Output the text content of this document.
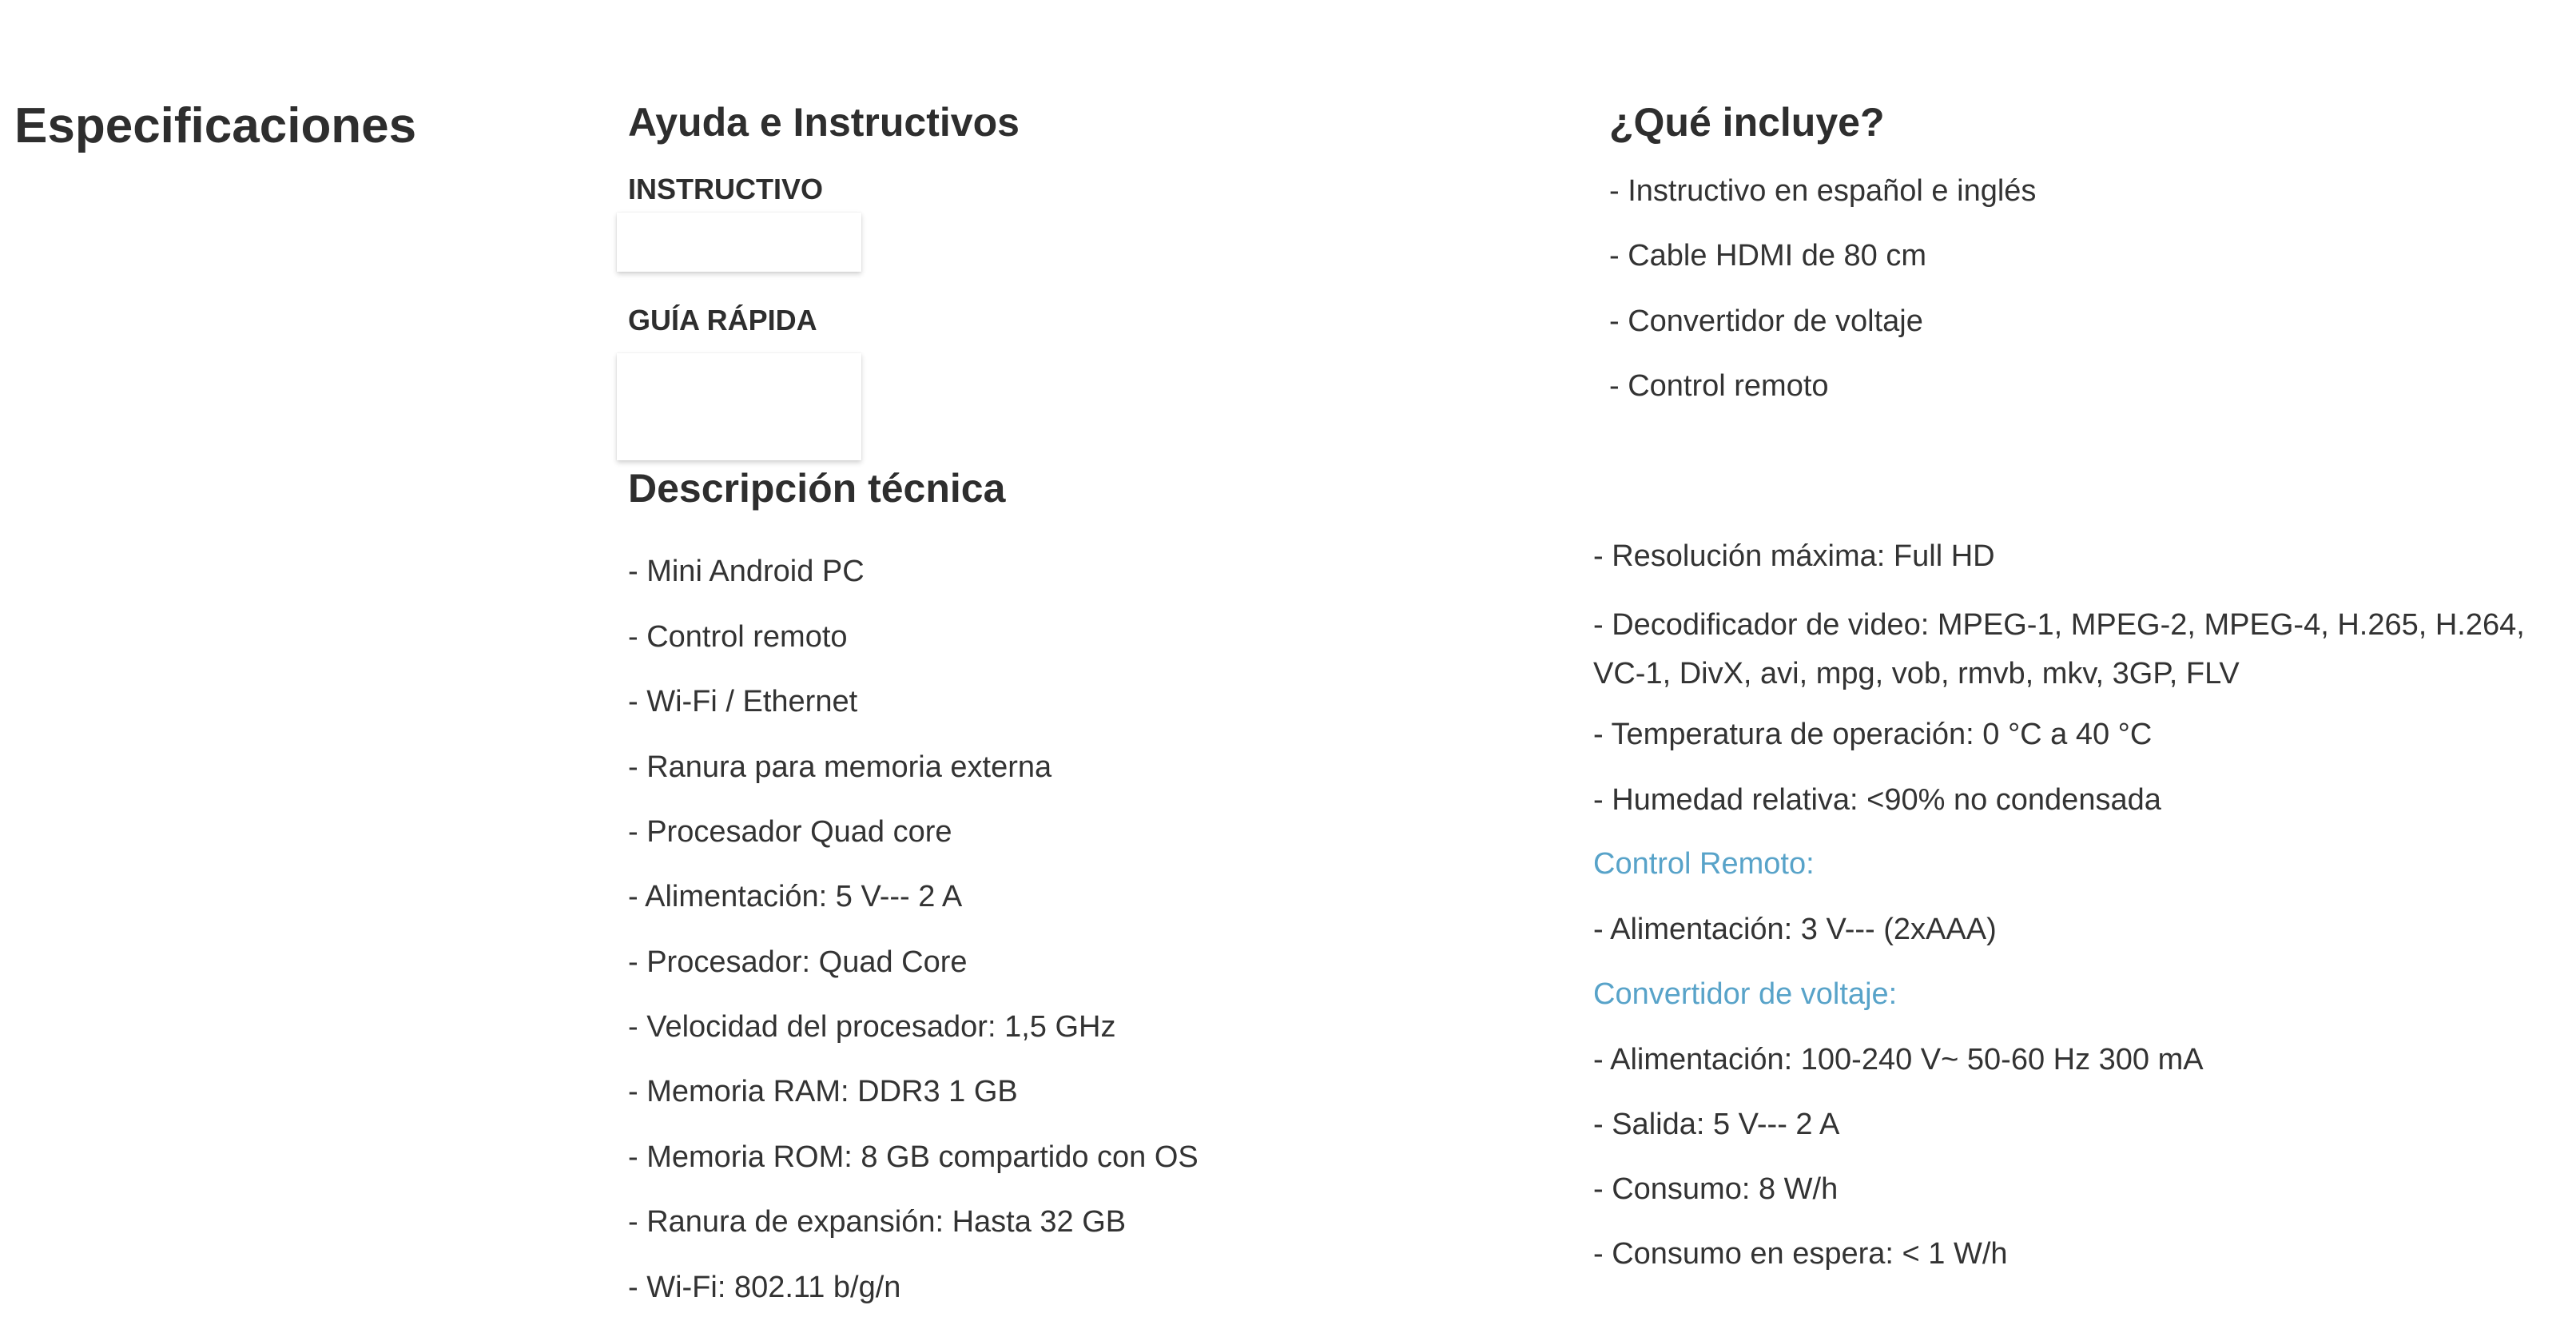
Especificaciones	Ayuda e Instructivos
INSTRUCTIVO
GUÍA RÁPIDA
¿Qué incluye?
- Instructivo en español e inglés
- Cable HDMI de 80 cm
- Convertidor de voltaje
- Control remoto
Descripción técnica
- Mini Android PC
- Control remoto
- Wi-Fi / Ethernet
- Ranura para memoria externa
- Procesador Quad core
- Alimentación: 5 V--- 2 A
- Procesador: Quad Core
- Velocidad del procesador: 1,5 GHz
- Memoria RAM: DDR3 1 GB
- Memoria ROM: 8 GB compartido con OS
- Ranura de expansión: Hasta 32 GB
- Wi-Fi: 802.11 b/g/n
- Resolución máxima: Full HD
- Decodificador de video: MPEG-1, MPEG-2, MPEG-4, H.265, H.264, VC-1, DivX, avi, mpg, vob, rmvb, mkv, 3GP, FLV
- Temperatura de operación: 0 °C a 40 °C
- Humedad relativa: <90% no condensada
Control Remoto:
- Alimentación: 3 V--- (2xAAA)
Convertidor de voltaje:
- Alimentación: 100-240 V~ 50-60 Hz 300 mA
- Salida: 5 V--- 2 A
- Consumo: 8 W/h
- Consumo en espera: < 1 W/h
